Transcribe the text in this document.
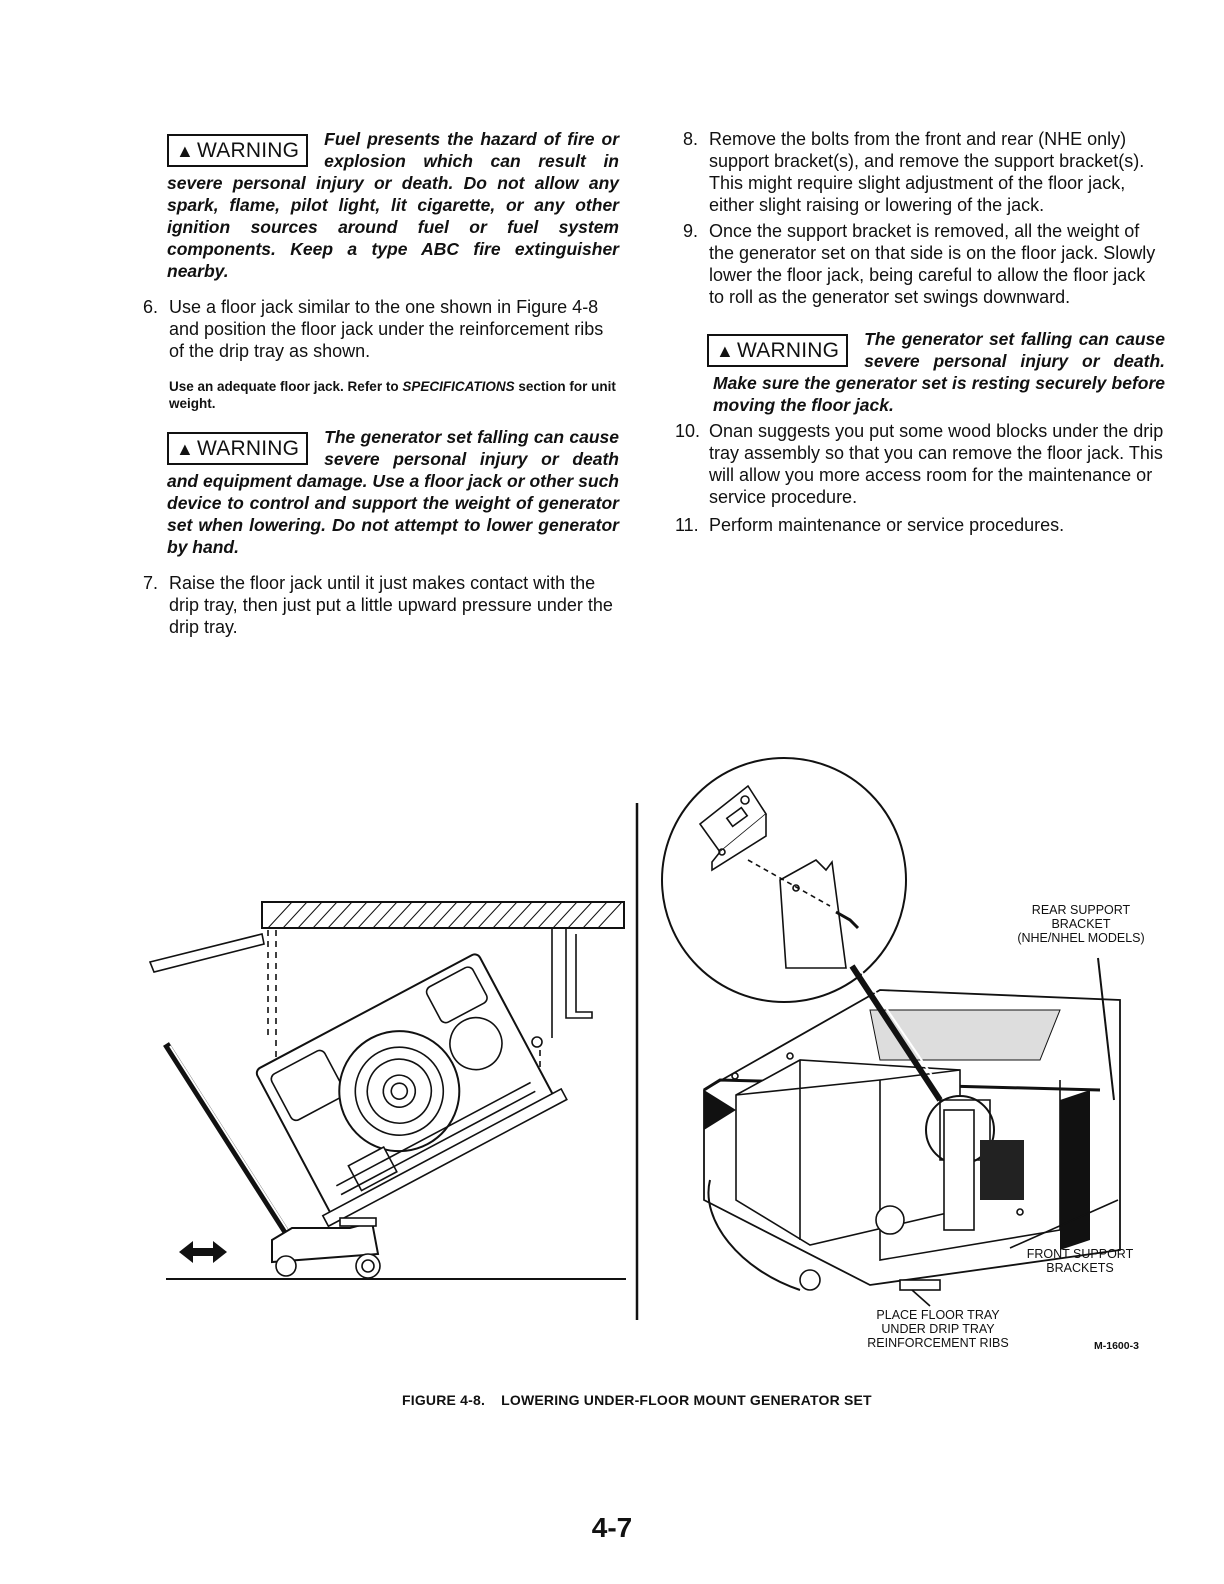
▲ WARNING	Fuel presents the hazard of fire or explosion which can result in severe personal injury or death. Do not allow any spark, flame, pilot light, lit cigarette, or any other ignition sources around fuel or fuel system components. Keep a type ABC fire extinguisher nearby.
6. Use a floor jack similar to the one shown in Figure 4-8 and position the floor jack under the reinforcement ribs of the drip tray as shown.
Use an adequate floor jack. Refer to SPECIFICATIONS section for unit weight.
▲ WARNING	The generator set falling can cause severe personal injury or death and equipment damage. Use a floor jack or other such device to control and support the weight of generator set when lowering. Do not attempt to lower generator by hand.
7. Raise the floor jack until it just makes contact with the drip tray, then just put a little upward pressure under the drip tray.
8. Remove the bolts from the front and rear (NHE only) support bracket(s), and remove the support bracket(s). This might require slight adjustment of the floor jack, either slight raising or lowering of the jack.
9. Once the support bracket is removed, all the weight of the generator set on that side is on the floor jack. Slowly lower the floor jack, being careful to allow the floor jack to roll as the generator set swings downward.
▲ WARNING	The generator set falling can cause severe personal injury or death. Make sure the generator set is resting securely before moving the floor jack.
10. Onan suggests you put some wood blocks under the drip tray assembly so that you can remove the floor jack. This will allow you more access room for the maintenance or service procedure.
11. Perform maintenance or service procedures.
REAR SUPPORT
BRACKET
(NHE/NHEL MODELS)
FRONT SUPPORT
BRACKETS
PLACE FLOOR TRAY
UNDER DRIP TRAY
REINFORCEMENT RIBS	M-1600-3
FIGURE 4-8. LOWERING UNDER-FLOOR MOUNT GENERATOR SET
4-7
